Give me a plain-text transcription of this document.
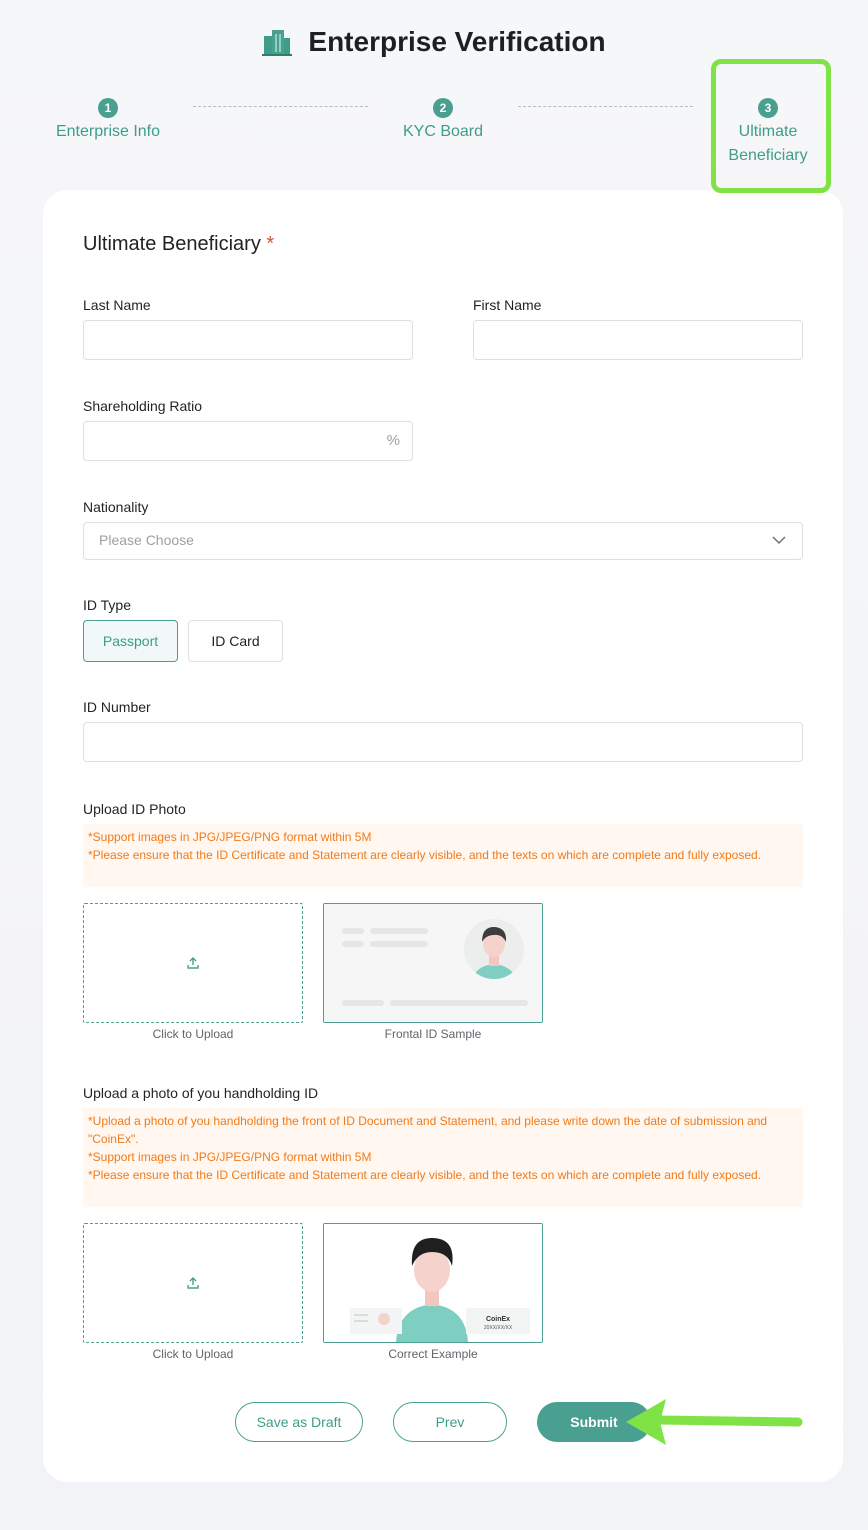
Enterprise Verification
1
Enterprise Info
2
KYC Board
3
Ultimate
Beneficiary
Ultimate Beneficiary *
Last Name	First Name
Shareholding Ratio
%
Nationality
Please Choose
ID Type
Passport	ID Card
ID Number
Upload ID Photo
*Support images in JPG/JPEG/PNG format within 5M
*Please ensure that the ID Certificate and Statement are clearly visible, and the texts on which are complete and fully exposed.
Click to Upload	Frontal ID Sample
Upload a photo of you handholding ID
*Upload a photo of you handholding the front of ID Document and Statement, and please write down the date of submission and "CoinEx".
*Support images in JPG/JPEG/PNG format within 5M
*Please ensure that the ID Certificate and Statement are clearly visible, and the texts on which are complete and fully exposed.
Click to Upload
CoinEx
20XX/XX/XX
Correct Example
Save as Draft	Prev	Submit
